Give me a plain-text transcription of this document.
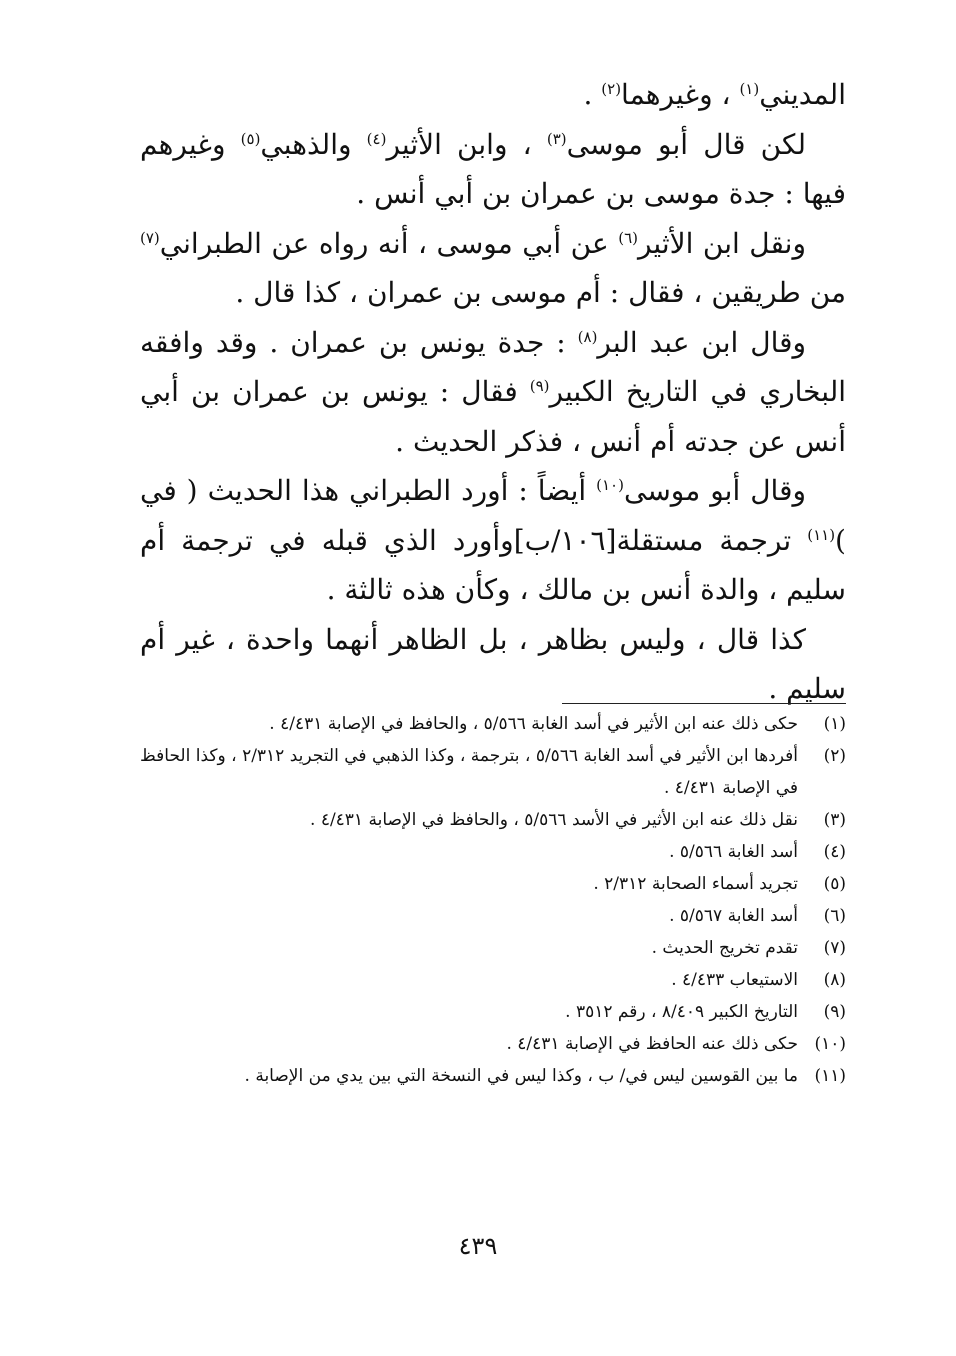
المديني$^{(١)}$ ، وغيرهما$^{(٢)}$ .

لكن قال أبو موسى$^{(٣)}$ ، وابن الأثير$^{(٤)}$ والذهبي$^{(٥)}$ وغيرهم فيها : جدة موسى بن عمران بن أبي أنس .

ونقل ابن الأثير$^{(٦)}$ عن أبي موسى ، أنه رواه عن الطبراني$^{(٧)}$ من طريقين ، فقال : أم موسى بن عمران ، كذا قال .

وقال ابن عبد البر$^{(٨)}$ : جدة يونس بن عمران . وقد وافقه البخاري في التاريخ الكبير$^{(٩)}$ فقال : يونس بن عمران بن أبي أنس عن جدته أم أنس ، فذكر الحديث .

وقال أبو موسى$^{(١٠)}$ أيضاً : أورد الطبراني هذا الحديث ( في )$^{(١١)}$ ترجمة مستقلة[١٠٦/ب]وأورد الذي قبله في ترجمة أم سليم ، والدة أنس بن مالك ، وكأن هذه ثالثة .

كذا قال ، وليس بظاهر ، بل الظاهر أنهما واحدة ، غير أم سليم .

(١)
حكى ذلك عنه ابن الأثير في أسد الغابة ٥/٥٦٦ ، والحافظ في الإصابة ٤/٤٣١ .
(٢)
أفردها ابن الأثير في أسد الغابة ٥/٥٦٦ ، بترجمة ، وكذا الذهبي في التجريد ٢/٣١٢ ، وكذا الحافظ في الإصابة ٤/٤٣١ .
(٣)
نقل ذلك عنه ابن الأثير في الأسد ٥/٥٦٦ ، والحافظ في الإصابة ٤/٤٣١ .
(٤)
أسد الغابة ٥/٥٦٦ .
(٥)
تجريد أسماء الصحابة ٢/٣١٢ .
(٦)
أسد الغابة ٥/٥٦٧ .
(٧)
تقدم تخريج الحديث .
(٨)
الاستيعاب ٤/٤٣٣ .
(٩)
التاريخ الكبير ٨/٤٠٩ ، رقم ٣٥١٢ .
(١٠)
حكى ذلك عنه الحافظ في الإصابة ٤/٤٣١ .
(١١)
ما بين القوسين ليس في/ ب ، وكذا ليس في النسخة التي بين يدي من الإصابة .
٤٣٩
